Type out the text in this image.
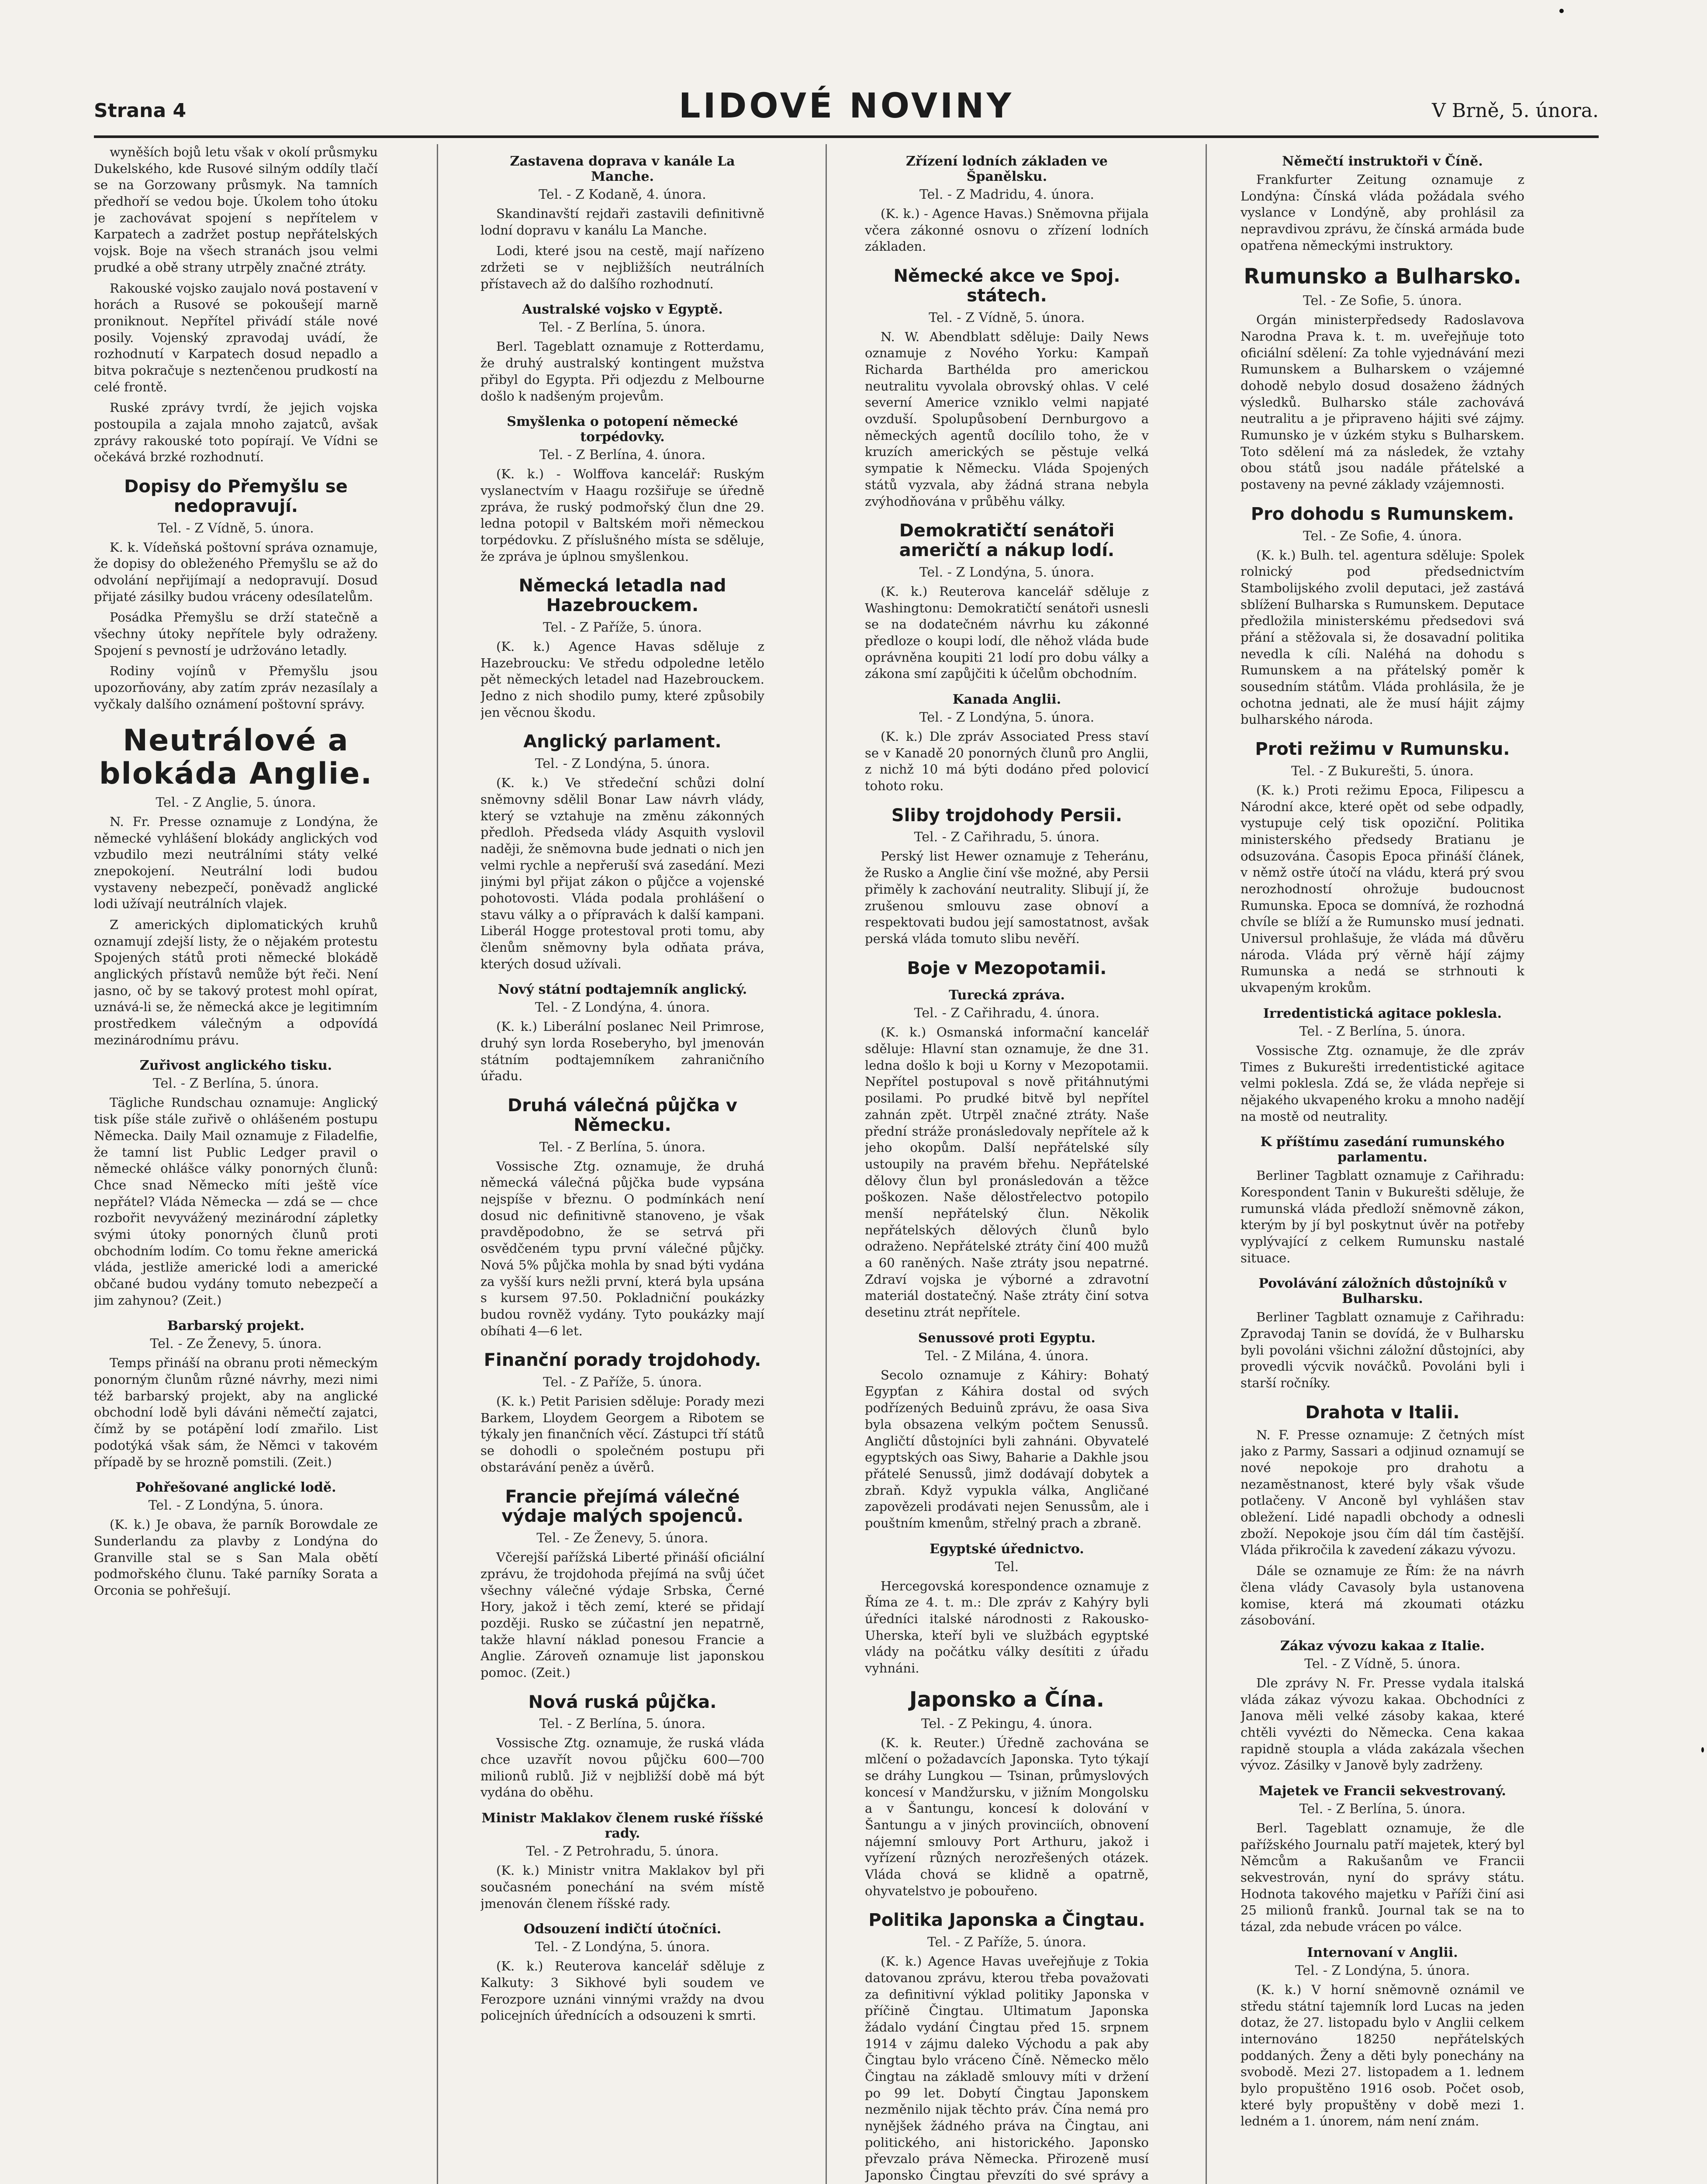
Strana 4	LIDOVÉ NOVINY	V Brně, 5. února.

wyněších bojů letu však v okolí průsmyku Dukelského, kde Rusové silným oddíly tlačí se na Gorzowany průsmyk. Na tamních předhoří se vedou boje. Úkolem toho útoku je zachovávat spojení s nepřítelem v Karpatech a zadržet postup nepřátelských vojsk. Boje na všech stranách jsou velmi prudké a obě strany utrpěly značné ztráty.

Rakouské vojsko zaujalo nová postavení v horách a Rusové se pokoušejí marně proniknout. Nepřítel přivádí stále nové posily. Vojenský zpravodaj uvádí, že rozhodnutí v Karpatech dosud nepadlo a bitva pokračuje s neztenčenou prudkostí na celé frontě.

Ruské zprávy tvrdí, že jejich vojska postoupila a zajala mnoho zajatců, avšak zprávy rakouské toto popírají. Ve Vídni se očekává brzké rozhodnutí.

Dopisy do Přemyšlu se nedopravují.
Tel. - Z Vídně, 5. února.

K. k. Vídeňská poštovní správa oznamuje, že dopisy do obleženého Přemyšlu se až do odvolání nepřijímají a nedopravují. Dosud přijaté zásilky budou vráceny odesílatelům.

Posádka Přemyšlu se drží statečně a všechny útoky nepřítele byly odraženy. Spojení s pevností je udržováno letadly.

Rodiny vojínů v Přemyšlu jsou upozorňovány, aby zatím zpráv nezasílaly a vyčkaly dalšího oznámení poštovní správy.

Neutrálové a blokáda Anglie.
Tel. - Z Anglie, 5. února.

N. Fr. Presse oznamuje z Londýna, že německé vyhlášení blokády anglických vod vzbudilo mezi neutrálními státy velké znepokojení. Neutrální lodi budou vystaveny nebezpečí, poněvadž anglické lodi užívají neutrálních vlajek.

Z amerických diplomatických kruhů oznamují zdejší listy, že o nějakém protestu Spojených států proti německé blokádě anglických přístavů nemůže být řeči. Není jasno, oč by se takový protest mohl opírat, uznává-li se, že německá akce je legitimním prostředkem válečným a odpovídá mezinárodnímu právu.

Zuřivost anglického tisku.
Tel. - Z Berlína, 5. února.

Tägliche Rundschau oznamuje: Anglický tisk píše stále zuřivě o ohlášeném postupu Německa. Daily Mail oznamuje z Filadelfie, že tamní list Public Ledger pravil o německé ohlášce války ponorných člunů: Chce snad Německo míti ještě více nepřátel? Vláda Německa — zdá se — chce rozbořit nevyvážený mezinárodní zápletky svými útoky ponorných člunů proti obchodním lodím. Co tomu řekne americká vláda, jestliže americké lodi a americké občané budou vydány tomuto nebezpečí a jim zahynou? (Zeit.)

Barbarský projekt.
Tel. - Ze Ženevy, 5. února.

Temps přináší na obranu proti německým ponorným člunům různé návrhy, mezi nimi též barbarský projekt, aby na anglické obchodní lodě byli dáváni němečtí zajatci, čímž by se potápění lodí zmařilo. List podotýká však sám, že Němci v takovém případě by se hrozně pomstili. (Zeit.)

Pohřešované anglické lodě.
Tel. - Z Londýna, 5. února.

(K. k.) Je obava, že parník Borowdale ze Sunderlandu za plavby z Londýna do Granville stal se s San Mala obětí podmořského člunu. Také parníky Sorata a Orconia se pohřešují.

Zastavena doprava v kanále La Manche.
Tel. - Z Kodaně, 4. února.

Skandinavští rejdaři zastavili definitivně lodní dopravu v kanálu La Manche.

Lodi, které jsou na cestě, mají nařízeno zdržeti se v nejbližších neutrálních přístavech až do dalšího rozhodnutí.

Australské vojsko v Egyptě.
Tel. - Z Berlína, 5. února.

Berl. Tageblatt oznamuje z Rotterdamu, že druhý australský kontingent mužstva přibyl do Egypta. Při odjezdu z Melbourne došlo k nadšeným projevům.

Smyšlenka o potopení německé torpédovky.
Tel. - Z Berlína, 4. února.

(K. k.) - Wolffova kancelář: Ruským vyslanectvím v Haagu rozšiřuje se úředně zpráva, že ruský podmořský člun dne 29. ledna potopil v Baltském moři německou torpédovku. Z příslušného místa se sděluje, že zpráva je úplnou smyšlenkou.

Německá letadla nad Hazebrouckem.
Tel. - Z Paříže, 5. února.

(K. k.) Agence Havas sděluje z Hazebroucku: Ve středu odpoledne letělo pět německých letadel nad Hazebrouckem. Jedno z nich shodilo pumy, které způsobily jen věcnou škodu.

Anglický parlament.
Tel. - Z Londýna, 5. února.

(K. k.) Ve středeční schůzi dolní sněmovny sdělil Bonar Law návrh vlády, který se vztahuje na změnu zákonných předloh. Předseda vlády Asquith vyslovil naději, že sněmovna bude jednati o nich jen velmi rychle a nepřeruší svá zasedání. Mezi jinými byl přijat zákon o půjčce a vojenské pohotovosti. Vláda podala prohlášení o stavu války a o přípravách k další kampani. Liberál Hogge protestoval proti tomu, aby členům sněmovny byla odňata práva, kterých dosud užívali.

Nový státní podtajemník anglický.
Tel. - Z Londýna, 4. února.

(K. k.) Liberální poslanec Neil Primrose, druhý syn lorda Roseberyho, byl jmenován státním podtajemníkem zahraničního úřadu.

Druhá válečná půjčka v Německu.
Tel. - Z Berlína, 5. února.

Vossische Ztg. oznamuje, že druhá německá válečná půjčka bude vypsána nejspíše v březnu. O podmínkách není dosud nic definitivně stanoveno, je však pravděpodobno, že se setrvá při osvědčeném typu první válečné půjčky. Nová 5% půjčka mohla by snad býti vydána za vyšší kurs nežli první, která byla upsána s kursem 97.50. Pokladniční poukázky budou rovněž vydány. Tyto poukázky mají obíhati 4—6 let.

Finanční porady trojdohody.
Tel. - Z Paříže, 5. února.

(K. k.) Petit Parisien sděluje: Porady mezi Barkem, Lloydem Georgem a Ribotem se týkaly jen finančních věcí. Zástupci tří států se dohodli o společném postupu při obstarávání peněz a úvěrů.

Francie přejímá válečné výdaje malých spojenců.
Tel. - Ze Ženevy, 5. února.

Včerejší pařížská Liberté přináší oficiální zprávu, že trojdohoda přejímá na svůj účet všechny válečné výdaje Srbska, Černé Hory, jakož i těch zemí, které se přidají později. Rusko se zúčastní jen nepatrně, takže hlavní náklad ponesou Francie a Anglie. Zároveň oznamuje list japonskou pomoc. (Zeit.)

Nová ruská půjčka.
Tel. - Z Berlína, 5. února.

Vossische Ztg. oznamuje, že ruská vláda chce uzavřít novou půjčku 600—700 milionů rublů. Již v nejbližší době má být vydána do oběhu.

Ministr Maklakov členem ruské říšské rady.
Tel. - Z Petrohradu, 5. února.

(K. k.) Ministr vnitra Maklakov byl při současném ponechání na svém místě jmenován členem říšské rady.

Odsouzení indičtí útočníci.
Tel. - Z Londýna, 5. února.

(K. k.) Reuterova kancelář sděluje z Kalkuty: 3 Sikhové byli soudem ve Ferozpore uznáni vinnými vraždy na dvou policejních úřednících a odsouzeni k smrti.

Zřízení lodních základen ve Španělsku.
Tel. - Z Madridu, 4. února.

(K. k.) - Agence Havas.) Sněmovna přijala včera zákonné osnovu o zřízení lodních základen.

Německé akce ve Spoj. státech.
Tel. - Z Vídně, 5. února.

N. W. Abendblatt sděluje: Daily News oznamuje z Nového Yorku: Kampaň Richarda Barthélda pro americkou neutralitu vyvolala obrovský ohlas. V celé severní Americe vzniklo velmi napjaté ovzduší. Spolupůsobení Dernburgovo a německých agentů docílilo toho, že v kruzích amerických se pěstuje velká sympatie k Německu. Vláda Spojených států vyzvala, aby žádná strana nebyla zvýhodňována v průběhu války.

Demokratičtí senátoři američtí a nákup lodí.
Tel. - Z Londýna, 5. února.

(K. k.) Reuterova kancelář sděluje z Washingtonu: Demokratičtí senátoři usnesli se na dodatečném návrhu ku zákonné předloze o koupi lodí, dle něhož vláda bude oprávněna koupiti 21 lodí pro dobu války a zákona smí zapůjčiti k účelům obchodním.

Kanada Anglii.
Tel. - Z Londýna, 5. února.

(K. k.) Dle zpráv Associated Press staví se v Kanadě 20 ponorných člunů pro Anglii, z nichž 10 má býti dodáno před polovicí tohoto roku.

Sliby trojdohody Persii.
Tel. - Z Cařihradu, 5. února.

Perský list Hewer oznamuje z Teheránu, že Rusko a Anglie činí vše možné, aby Persii přiměly k zachování neutrality. Slibují jí, že zrušenou smlouvu zase obnoví a respektovati budou její samostatnost, avšak perská vláda tomuto slibu nevěří.

Boje v Mezopotamii.
Turecká zpráva.
Tel. - Z Cařihradu, 4. února.

(K. k.) Osmanská informační kancelář sděluje: Hlavní stan oznamuje, že dne 31. ledna došlo k boji u Korny v Mezopotamii. Nepřítel postupoval s nově přitáhnutými posilami. Po prudké bitvě byl nepřítel zahnán zpět. Utrpěl značné ztráty. Naše přední stráže pronásledovaly nepřítele až k jeho okopům. Další nepřátelské síly ustoupily na pravém břehu. Nepřátelské dělovy člun byl pronásledován a těžce poškozen. Naše dělostřelectvo potopilo menší nepřátelský člun. Několik nepřátelských dělových člunů bylo odraženo. Nepřátelské ztráty činí 400 mužů a 60 raněných. Naše ztráty jsou nepatrné. Zdraví vojska je výborné a zdravotní materiál dostatečný. Naše ztráty činí sotva desetinu ztrát nepřítele.

Senussové proti Egyptu.
Tel. - Z Milána, 4. února.

Secolo oznamuje z Káhiry: Bohatý Egypťan z Káhira dostal od svých podřízených Beduinů zprávu, že oasa Siva byla obsazena velkým počtem Senussů. Angličtí důstojníci byli zahnáni. Obyvatelé egyptských oas Siwy, Baharie a Dakhle jsou přátelé Senussů, jimž dodávají dobytek a zbraň. Když vypukla válka, Angličané zapovězeli prodávati nejen Senussům, ale i pouštním kmenům, střelný prach a zbraně.

Egyptské úřednictvo.
Tel.

Hercegovská korespondence oznamuje z Říma ze 4. t. m.: Dle zpráv z Kahýry byli úředníci italské národnosti z Rakousko-Uherska, kteří byli ve službách egyptské vlády na počátku války desítiti z úřadu vyhnáni.

Japonsko a Čína.
Tel. - Z Pekingu, 4. února.

(K. k. Reuter.) Úředně zachována se mlčení o požadavcích Japonska. Tyto týkají se dráhy Lungkou — Tsinan, průmyslových koncesí v Mandžursku, v jižním Mongolsku a v Šantungu, koncesí k dolování v Šantungu a v jiných provinciích, obnovení nájemní smlouvy Port Arthuru, jakož i vyřízení různých nerozřešených otázek. Vláda chová se klidně a opatrně, ohyvatelstvo je pobouřeno.

Politika Japonska a Čingtau.
Tel. - Z Paříže, 5. února.

(K. k.) Agence Havas uveřejňuje z Tokia datovanou zprávu, kterou třeba považovati za definitivní výklad politiky Japonska v příčině Čingtau. Ultimatum Japonska žádalo vydání Čingtau před 15. srpnem 1914 v zájmu daleko Východu a pak aby Čingtau bylo vráceno Číně. Německo mělo Čingtau na základě smlouvy míti v držení po 99 let. Dobytí Čingtau Japonskem nezměnilo nijak těchto práv. Čína nemá pro nynějšek žádného práva na Čingtau, ani politického, ani historického. Japonsko převzalo práva Německa. Přirozeně musí Japonsko Čingtau převzíti do své správy a

Němečtí instruktoři v Číně.

Frankfurter Zeitung oznamuje z Londýna: Čínská vláda požádala svého vyslance v Londýně, aby prohlásil za nepravdivou zprávu, že čínská armáda bude opatřena německými instruktory.

Rumunsko a Bulharsko.
Tel. - Ze Sofie, 5. února.

Orgán ministerpředsedy Radoslavova Narodna Prava k. t. m. uveřejňuje toto oficiální sdělení: Za tohle vyjednávání mezi Rumunskem a Bulharskem o vzájemné dohodě nebylo dosud dosaženo žádných výsledků. Bulharsko stále zachovává neutralitu a je připraveno hájiti své zájmy. Rumunsko je v úzkém styku s Bulharskem. Toto sdělení má za následek, že vztahy obou států jsou nadále přátelské a postaveny na pevné základy vzájemnosti.

Pro dohodu s Rumunskem.
Tel. - Ze Sofie, 4. února.

(K. k.) Bulh. tel. agentura sděluje: Spolek rolnický pod předsednictvím Stambolijského zvolil deputaci, jež zastává sblížení Bulharska s Rumunskem. Deputace předložila ministerskému předsedovi svá přání a stěžovala si, že dosavadní politika nevedla k cíli. Naléhá na dohodu s Rumunskem a na přátelský poměr k sousedním státům. Vláda prohlásila, že je ochotna jednati, ale že musí hájit zájmy bulharského národa.

Proti režimu v Rumunsku.
Tel. - Z Bukurešti, 5. února.

(K. k.) Proti režimu Epoca, Filipescu a Národní akce, které opět od sebe odpadly, vystupuje celý tisk opoziční. Politika ministerského předsedy Bratianu je odsuzována. Časopis Epoca přináší článek, v němž ostře útočí na vládu, která prý svou nerozhodností ohrožuje budoucnost Rumunska. Epoca se domnívá, že rozhodná chvíle se blíží a že Rumunsko musí jednati. Universul prohlašuje, že vláda má důvěru národa. Vláda prý věrně hájí zájmy Rumunska a nedá se strhnouti k ukvapeným krokům.

Irredentistická agitace poklesla.
Tel. - Z Berlína, 5. února.

Vossische Ztg. oznamuje, že dle zpráv Times z Bukurešti irredentistické agitace velmi poklesla. Zdá se, že vláda nepřeje si nějakého ukvapeného kroku a mnoho nadějí na mostě od neutrality.

K příštímu zasedání rumunského parlamentu.

Berliner Tagblatt oznamuje z Cařihradu: Korespondent Tanin v Bukurešti sděluje, že rumunská vláda předloží sněmovně zákon, kterým by jí byl poskytnut úvěr na potřeby vyplývající z celkem Rumunsku nastalé situace.

Povolávání záložních důstojníků v Bulharsku.

Berliner Tagblatt oznamuje z Cařihradu: Zpravodaj Tanin se dovídá, že v Bulharsku byli povoláni všichni záložní důstojníci, aby provedli výcvik nováčků. Povoláni byli i starší ročníky.

Drahota v Italii.

N. F. Presse oznamuje: Z četných míst jako z Parmy, Sassari a odjinud oznamují se nové nepokoje pro drahotu a nezaměstnanost, které byly však všude potlačeny. V Anconě byl vyhlášen stav obležení. Lidé napadli obchody a odnesli zboží. Nepokoje jsou čím dál tím častější. Vláda přikročila k zavedení zákazu vývozu.

Dále se oznamuje ze Řím: že na návrh člena vlády Cavasoly byla ustanovena komise, která má zkoumati otázku zásobování.

Zákaz vývozu kakaa z Italie.
Tel. - Z Vídně, 5. února.

Dle zprávy N. Fr. Presse vydala italská vláda zákaz vývozu kakaa. Obchodníci z Janova měli velké zásoby kakaa, které chtěli vyvézti do Německa. Cena kakaa rapidně stoupla a vláda zakázala všechen vývoz. Zásilky v Janově byly zadrženy.

Majetek ve Francii sekvestrovaný.
Tel. - Z Berlína, 5. února.

Berl. Tageblatt oznamuje, že dle pařížského Journalu patří majetek, který byl Němcům a Rakušanům ve Francii sekvestrován, nyní do správy státu. Hodnota takového majetku v Paříži činí asi 25 milionů franků. Journal tak se na to tázal, zda nebude vrácen po válce.

Internovaní v Anglii.
Tel. - Z Londýna, 5. února.

(K. k.) V horní sněmovně oznámil ve středu státní tajemník lord Lucas na jeden dotaz, že 27. listopadu bylo v Anglii celkem internováno 18250 nepřátelských poddaných. Ženy a děti byly ponechány na svobodě. Mezi 27. listopadem a 1. lednem bylo propuštěno 1916 osob. Počet osob, které byly propuštěny v době mezi 1. ledném a 1. únorem, nám není znám.
